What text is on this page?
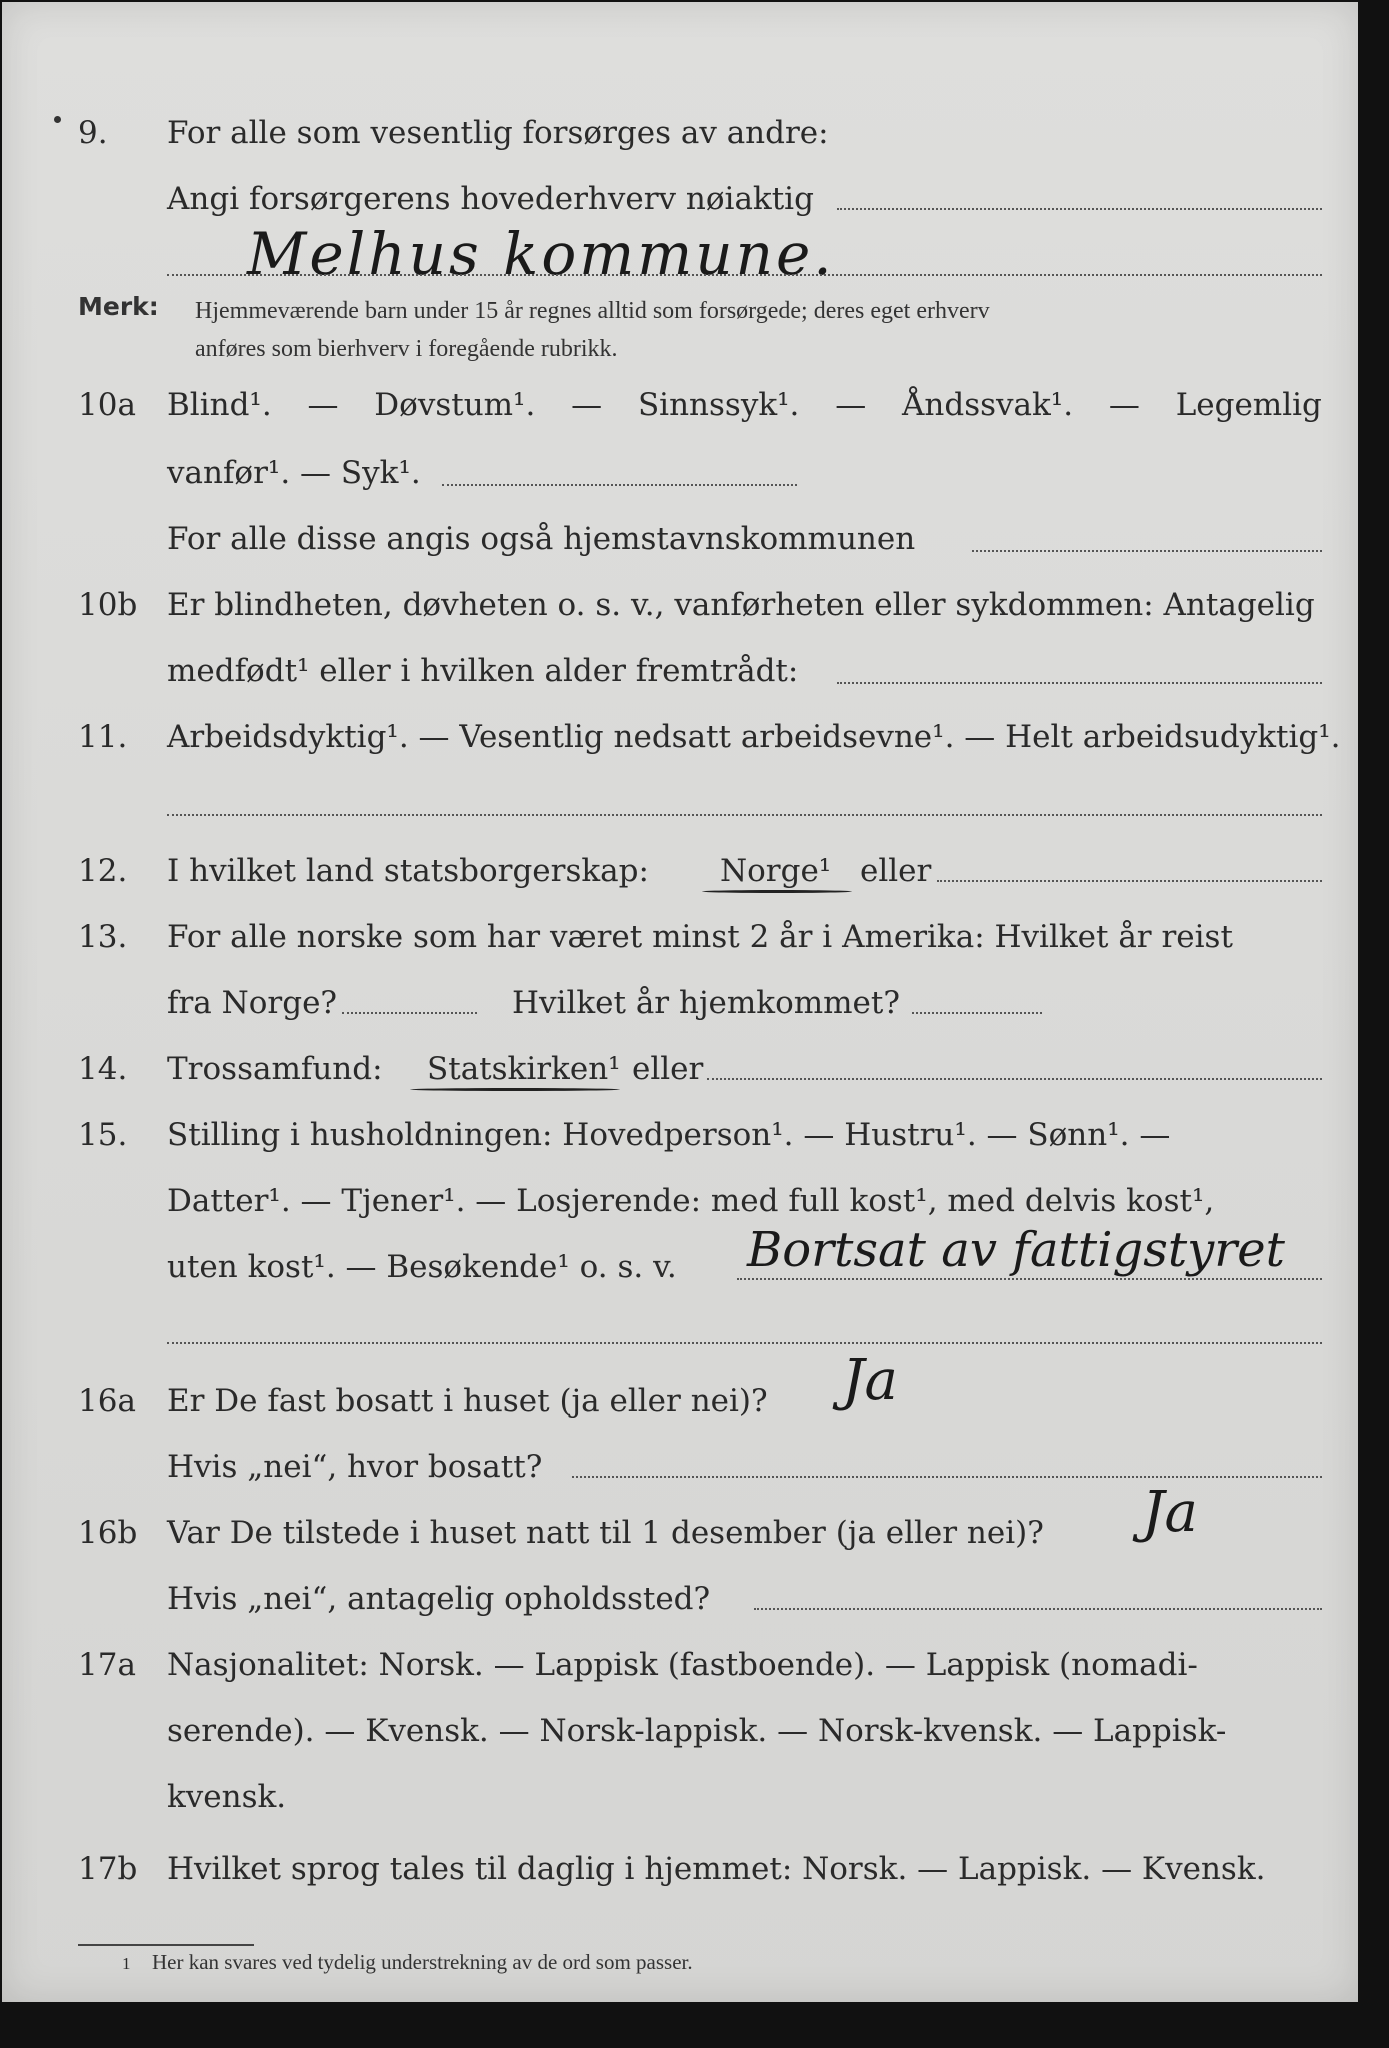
9. For alle som vesentlig forsørges av andre:
Angi forsørgerens hovederhverv nøiaktig
Melhus kommune.
Merk: Hjemmeværende barn under 15 år regnes alltid som forsørgede; deres eget erhverv
anføres som bierhverv i foregående rubrikk.
10a Blind¹. — Døvstum¹. — Sinnssyk¹. — Åndssvak¹. — Legemlig
vanfør¹. — Syk¹.
For alle disse angis også hjemstavnskommunen
10b Er blindheten, døvheten o. s. v., vanførheten eller sykdommen: Antagelig
medfødt¹ eller i hvilken alder fremtrådt:
11. Arbeidsdyktig¹. — Vesentlig nedsatt arbeidsevne¹. — Helt arbeidsudyktig¹.
12. I hvilket land statsborgerskap: Norge¹ eller
13. For alle norske som har været minst 2 år i Amerika: Hvilket år reist
fra Norge?	Hvilket år hjemkommet?
14. Trossamfund: Statskirken¹ eller
15. Stilling i husholdningen: Hovedperson¹. — Hustru¹. — Sønn¹. —
Datter¹. — Tjener¹. — Losjerende: med full kost¹, med delvis kost¹,
uten kost¹. — Besøkende¹ o. s. v. Bortsat av fattigstyret
16a Er De fast bosatt i huset (ja eller nei)? Ja
Hvis „nei“, hvor bosatt?
16b Var De tilstede i huset natt til 1 desember (ja eller nei)? Ja
Hvis „nei“, antagelig opholdssted?
17a Nasjonalitet: Norsk. — Lappisk (fastboende). — Lappisk (nomadi-
serende). — Kvensk. — Norsk-lappisk. — Norsk-kvensk. — Lappisk-
kvensk.
17b Hvilket sprog tales til daglig i hjemmet: Norsk. — Lappisk. — Kvensk.
1 Her kan svares ved tydelig understrekning av de ord som passer.
